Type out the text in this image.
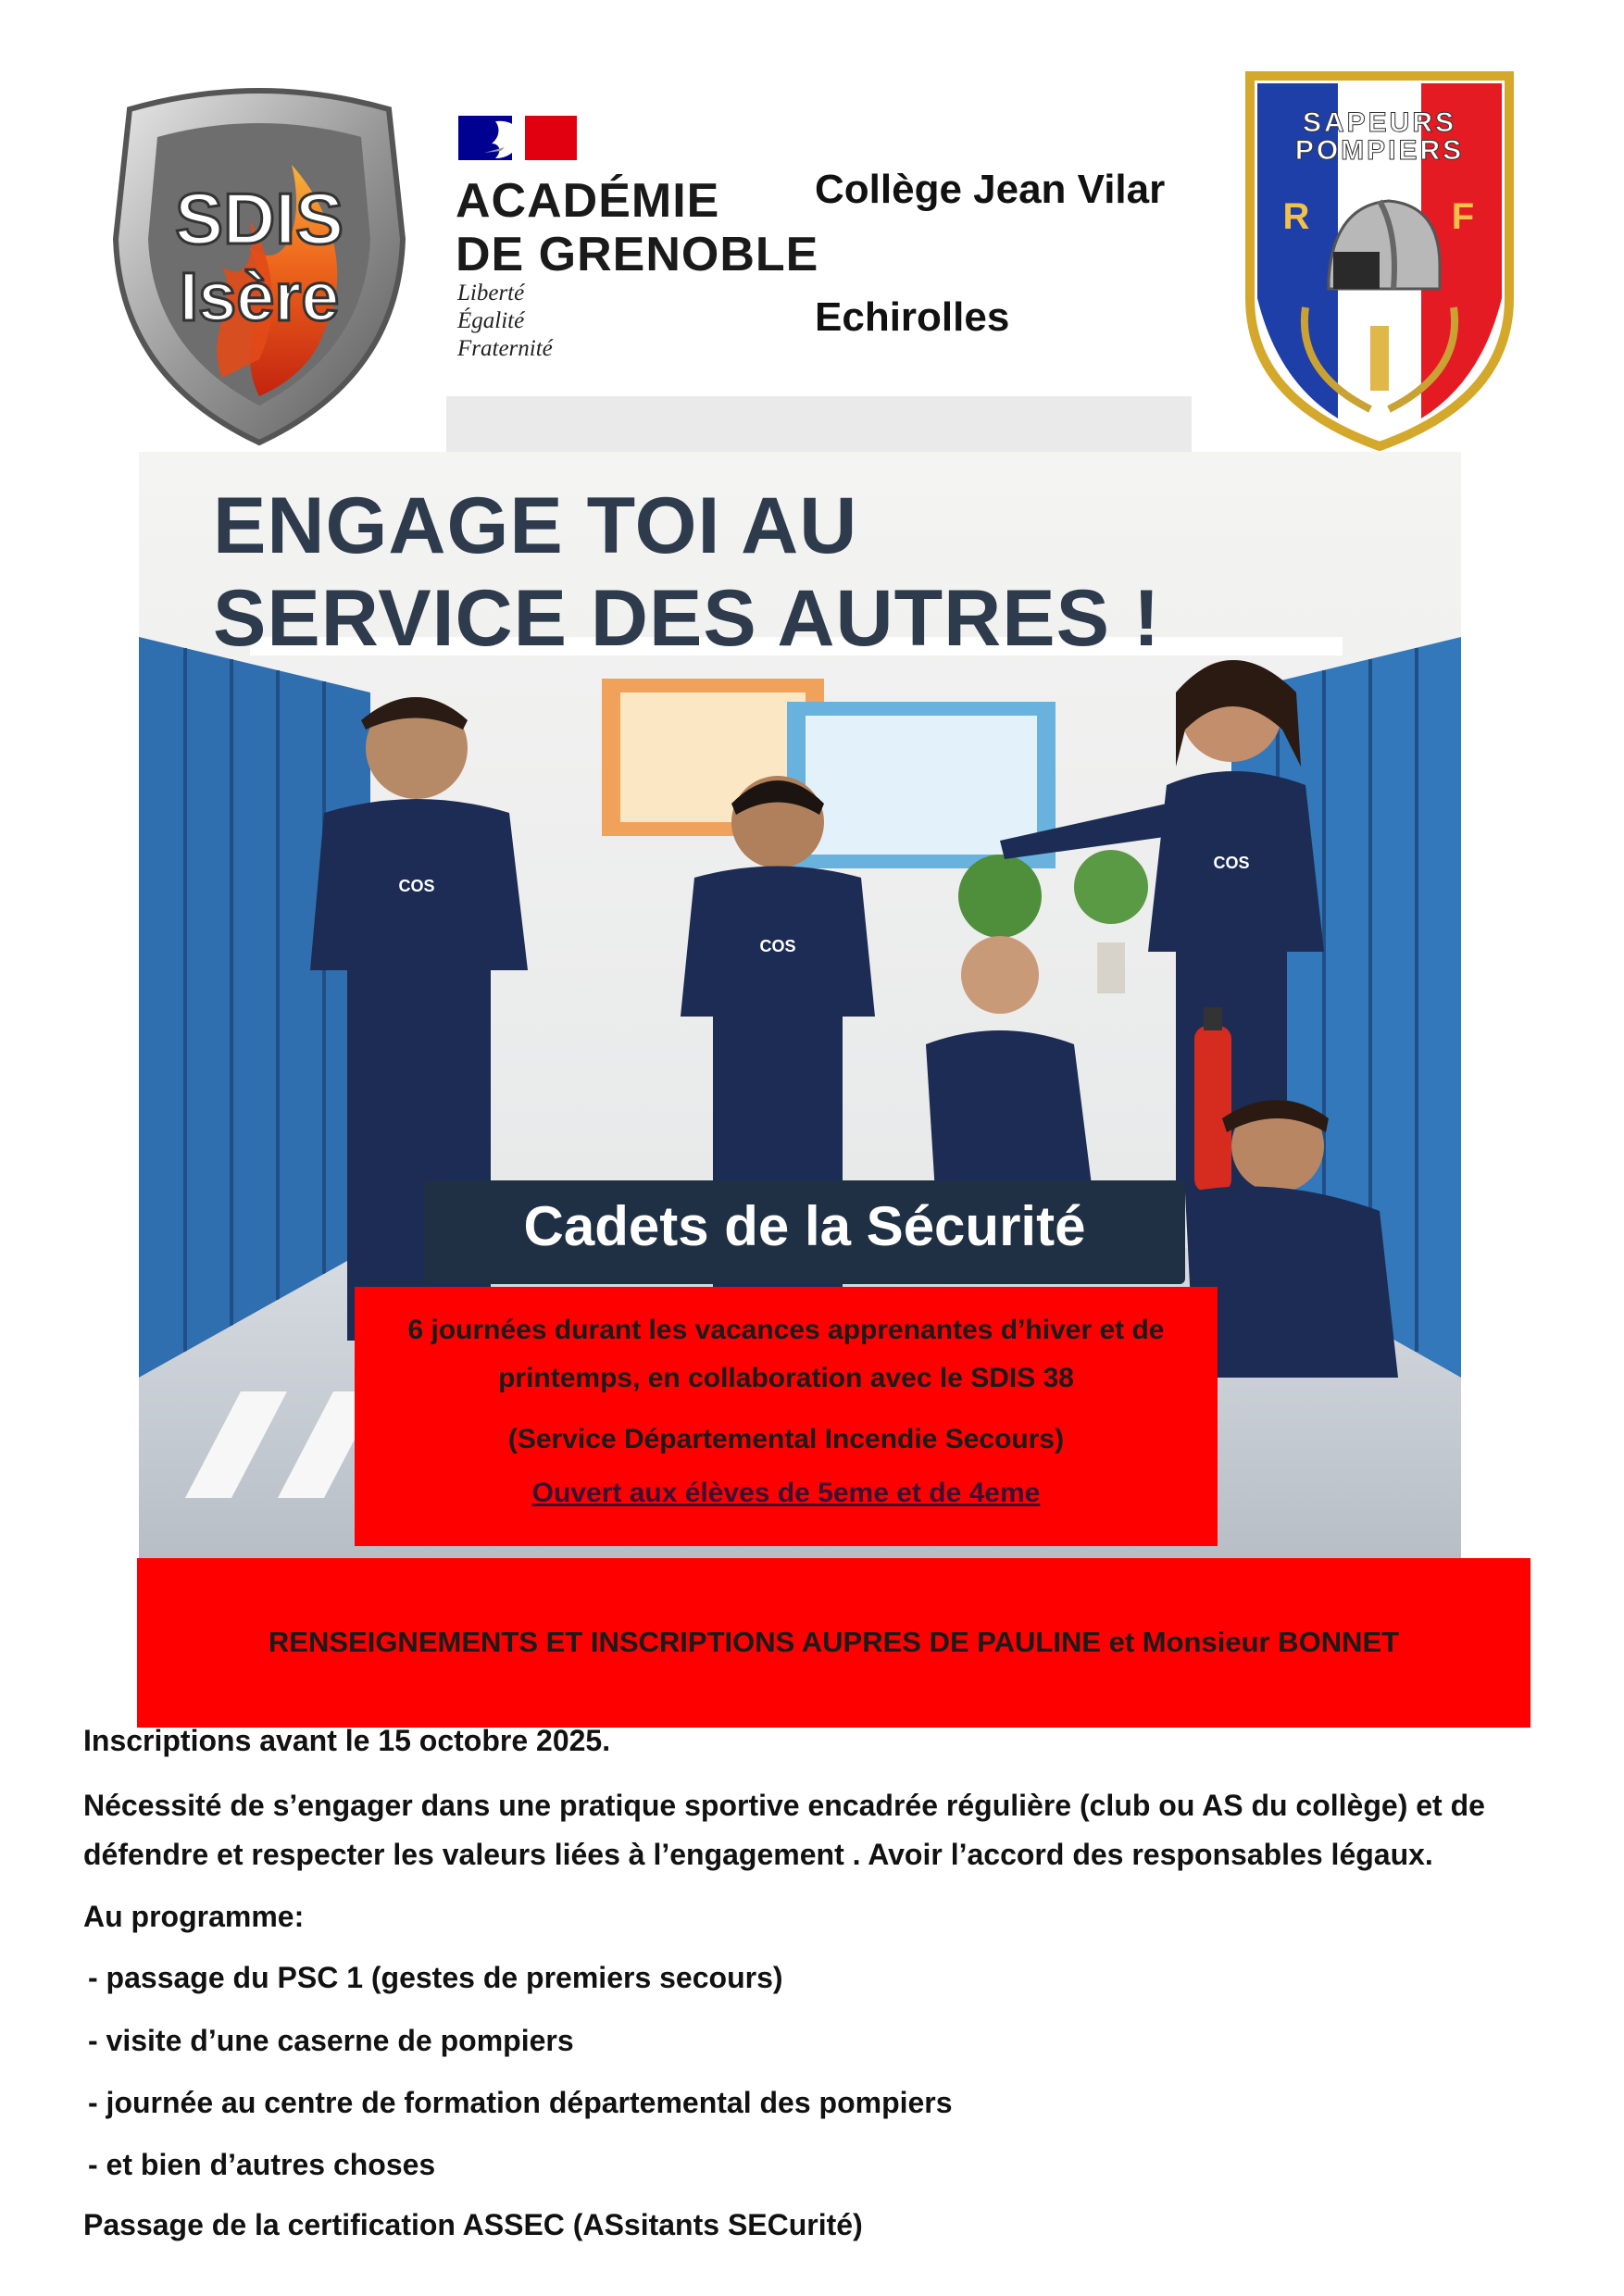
SDIS
Isère
ACADÉMIE
DE GRENOBLE
Liberté
Égalité
Fraternité
Collège Jean Vilar
Echirolles
SAPEURS
POMPIERS
R	F
COS
COS
COS
ENGAGE TOI AU
SERVICE DES AUTRES !
Cadets de la Sécurité
6 journées durant les vacances apprenantes d’hiver et de
printemps, en collaboration avec le SDIS 38
(Service Départemental Incendie Secours)
Ouvert aux élèves de 5eme et de 4eme
RENSEIGNEMENTS ET INSCRIPTIONS AUPRES DE PAULINE et Monsieur BONNET
Inscriptions avant le 15 octobre 2025.
Nécessité de s’engager dans une pratique sportive encadrée régulière (club ou AS du collège) et de
défendre et respecter les valeurs liées à l’engagement . Avoir l’accord des responsables légaux.
Au programme:
- passage du PSC 1 (gestes de premiers secours)
- visite d’une caserne de pompiers
- journée au centre de formation départemental des pompiers
- et bien d’autres choses
Passage de la certification ASSEC (ASsitants SECurité)
